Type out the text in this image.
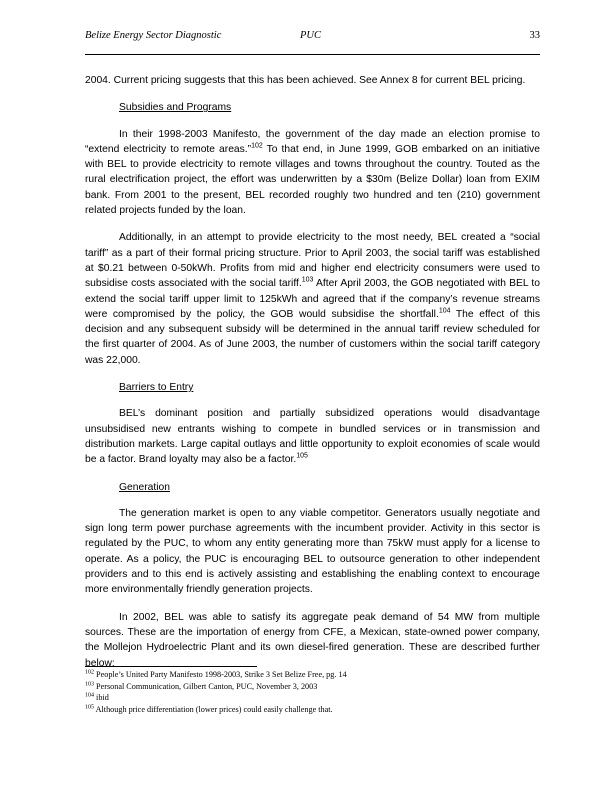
Belize Energy Sector Diagnostic	PUC	33

2004. Current pricing suggests that this has been achieved. See Annex 8 for current BEL pricing.

Subsidies and Programs

In their 1998-2003 Manifesto, the government of the day made an election promise to “extend electricity to remote areas.”$^{102}$ To that end, in June 1999, GOB embarked on an initiative with BEL to provide electricity to remote villages and towns throughout the country. Touted as the rural electrification project, the effort was underwritten by a $30m (Belize Dollar) loan from EXIM bank. From 2001 to the present, BEL recorded roughly two hundred and ten (210) government related projects funded by the loan.

Additionally, in an attempt to provide electricity to the most needy, BEL created a “social tariff” as a part of their formal pricing structure. Prior to April 2003, the social tariff was established at $0.21 between 0-50kWh. Profits from mid and higher end electricity consumers were used to subsidise costs associated with the social tariff.$^{103}$ After April 2003, the GOB negotiated with BEL to extend the social tariff upper limit to 125kWh and agreed that if the company’s revenue streams were compromised by the policy, the GOB would subsidise the shortfall.$^{104}$ The effect of this decision and any subsequent subsidy will be determined in the annual tariff review scheduled for the first quarter of 2004. As of June 2003, the number of customers within the social tariff category was 22,000.

Barriers to Entry

BEL’s dominant position and partially subsidized operations would disadvantage unsubsidised new entrants wishing to compete in bundled services or in transmission and distribution markets. Large capital outlays and little opportunity to exploit economies of scale would be a factor. Brand loyalty may also be a factor.$^{105}$

Generation

The generation market is open to any viable competitor. Generators usually negotiate and sign long term power purchase agreements with the incumbent provider. Activity in this sector is regulated by the PUC, to whom any entity generating more than 75kW must apply for a license to operate. As a policy, the PUC is encouraging BEL to outsource generation to other independent providers and to this end is actively assisting and establishing the enabling context to encourage more environmentally friendly generation projects.

In 2002, BEL was able to satisfy its aggregate peak demand of 54 MW from multiple sources. These are the importation of energy from CFE, a Mexican, state-owned power company, the Mollejon Hydroelectric Plant and its own diesel-fired generation. These are described further below:

$^{102}$ People’s United Party Manifesto 1998-2003, Strike 3 Set Belize Free, pg. 14

$^{103}$ Personal Communication, Gilbert Canton, PUC, November 3, 2003

$^{104}$ ibid

$^{105}$ Although price differentiation (lower prices) could easily challenge that.
